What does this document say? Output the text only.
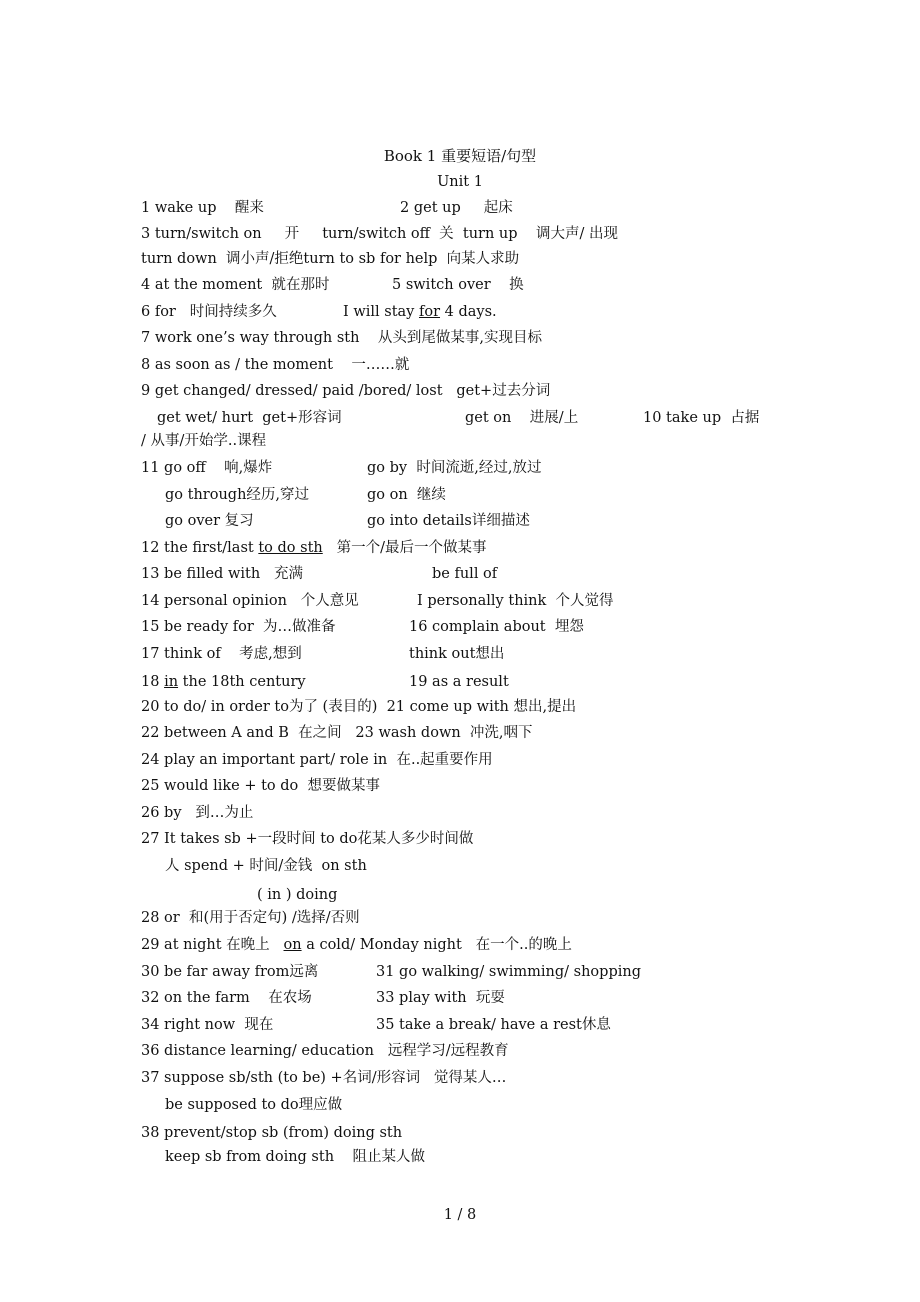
Book 1 重要短语/句型
Unit 1
1 wake up    醒来	2 get up     起床
3 turn/switch on     开     turn/switch off  关  turn up    调大声/ 出现
turn down  调小声/拒绝turn to sb for help  向某人求助
4 at the moment  就在那时	5 switch over    换
6 for   时间持续多久	I will stay for 4 days.
7 work one’s way through sth    从头到尾做某事,实现目标
8 as soon as / the moment    一……就
9 get changed/ dressed/ paid /bored/ lost   get+过去分词
get wet/ hurt  get+形容词	get on    进展/上	10 take up  占据
/ 从事/开始学..课程
11 go off    响,爆炸	go by  时间流逝,经过,放过
go through经历,穿过	go on  继续
go over 复习	go into details详细描述
12 the first/last to do sth   第一个/最后一个做某事
13 be filled with   充满	be full of
14 personal opinion   个人意见	I personally think  个人觉得
15 be ready for  为…做准备	16 complain about  埋怨
17 think of    考虑,想到	think out想出
18 in the 18th century	19 as a result
20 to do/ in order to为了 (表目的)  21 come up with 想出,提出
22 between A and B  在之间   23 wash down  冲洗,咽下
24 play an important part/ role in  在..起重要作用
25 would like + to do  想要做某事
26 by   到…为止
27 It takes sb +一段时间 to do花某人多少时间做
人 spend + 时间/金钱  on sth
( in ) doing
28 or  和(用于否定句) /选择/否则
29 at night 在晚上   on a cold/ Monday night   在一个..的晚上
30 be far away from远离	31 go walking/ swimming/ shopping
32 on the farm    在农场	33 play with  玩耍
34 right now  现在	35 take a break/ have a rest休息
36 distance learning/ education   远程学习/远程教育
37 suppose sb/sth (to be) +名词/形容词   觉得某人…
be supposed to do理应做
38 prevent/stop sb (from) doing sth
keep sb from doing sth    阻止某人做
1 / 8
